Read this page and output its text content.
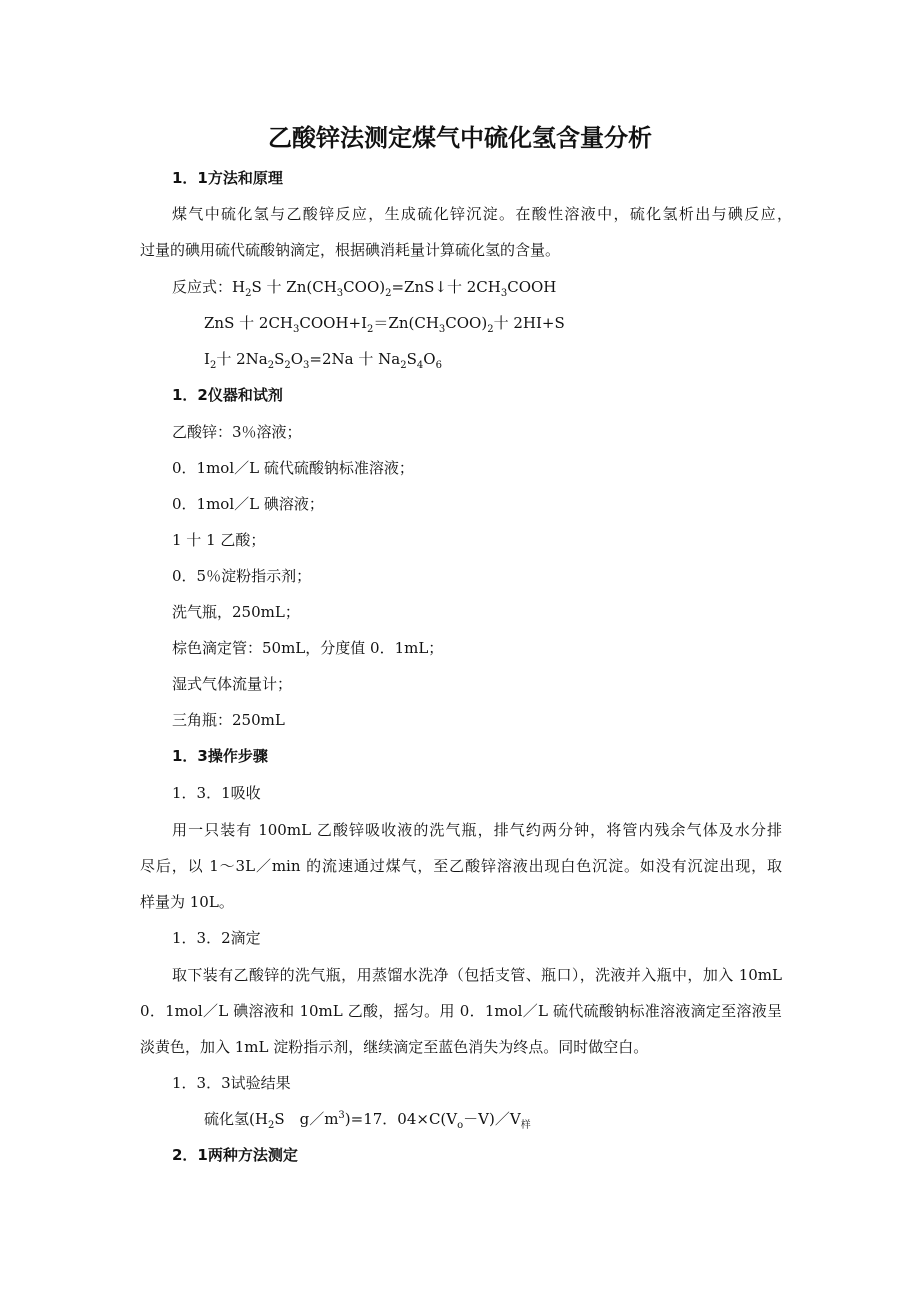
乙酸锌法测定煤气中硫化氢含量分析
1．1方法和原理
煤气中硫化氢与乙酸锌反应，生成硫化锌沉淀。在酸性溶液中，硫化氢析出与碘反应，
过量的碘用硫代硫酸钠滴定，根据碘消耗量计算硫化氢的含量。
反应式：$H_2S$ 十 $Zn(CH_3COO)_2=ZnS↓$十 $2CH_3COOH$
ZnS 十 $2CH_3COOH+I_2=Zn(CH_3COO)_2$十 2HI+S
$I_2$十 $2Na_2S_2O_3=2Na$ 十 $Na_2S_4O_6$
1．2仪器和试剂
乙酸锌：3％溶液；
0．1mol／L 硫代硫酸钠标准溶液；
0．1mol／L 碘溶液；
1 十 1 乙酸；
0．5％淀粉指示剂；
洗气瓶，250mL；
棕色滴定管：50mL，分度值 0．1mL；
湿式气体流量计；
三角瓶：250mL
1．3操作步骤
1．3．1吸收
用一只装有 100mL 乙酸锌吸收液的洗气瓶，排气约两分钟，将管内残余气体及水分排
尽后，以 1～3L／min 的流速通过煤气，至乙酸锌溶液出现白色沉淀。如没有沉淀出现，取
样量为 10L。
1．3．2滴定
取下装有乙酸锌的洗气瓶，用蒸馏水洗净（包括支管、瓶口），洗液并入瓶中，加入 10mL
0．1mol／L 碘溶液和 10mL 乙酸，摇匀。用 0．1mol／L 硫代硫酸钠标准溶液滴定至溶液呈
淡黄色，加入 1mL 淀粉指示剂，继续滴定至蓝色消失为终点。同时做空白。
1．3．3试验结果
硫化氢($H_2S$　$g/m^3)=17$．$04\times C(V_o-V)/V_样$
2．1两种方法测定
